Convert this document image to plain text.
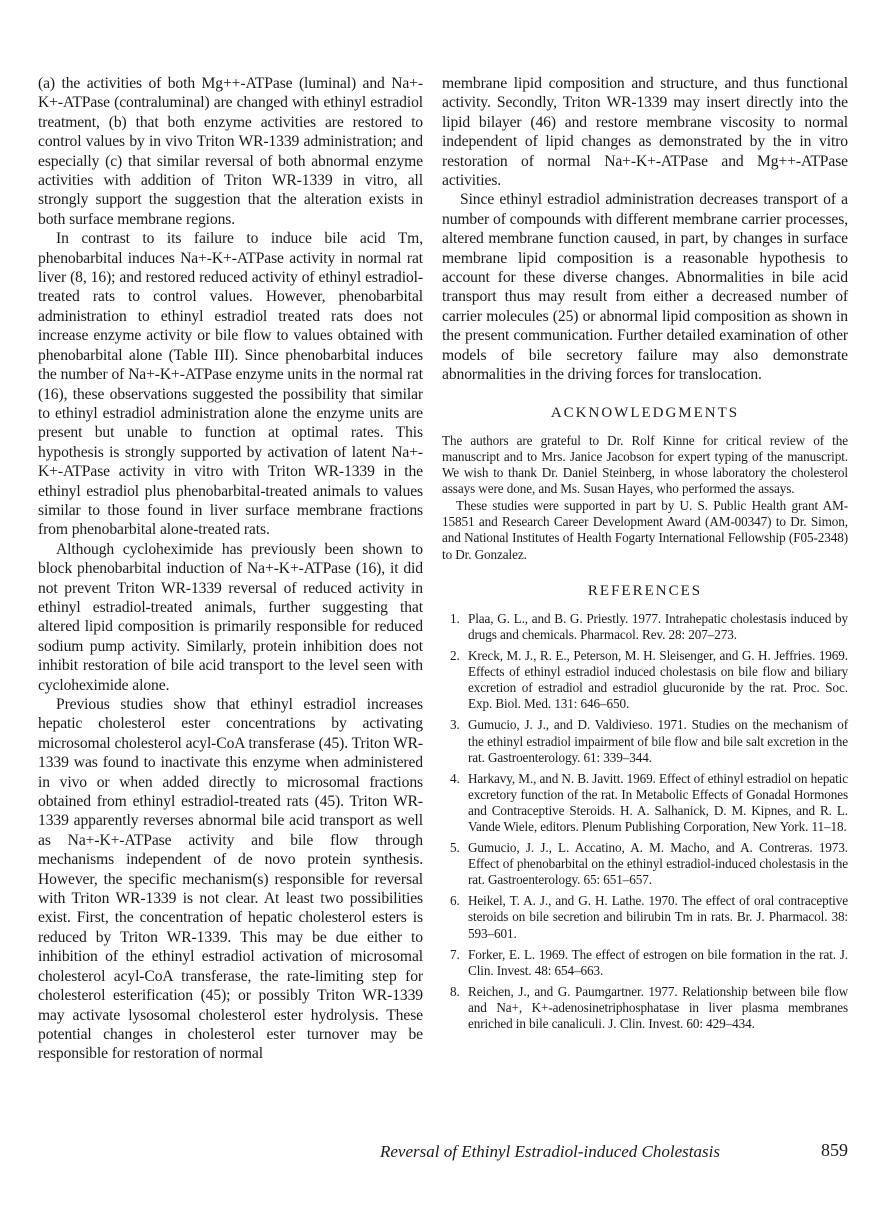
(a) the activities of both Mg++-ATPase (luminal) and Na+-K+-ATPase (contraluminal) are changed with ethinyl estradiol treatment, (b) that both enzyme activities are restored to control values by in vivo Triton WR-1339 administration; and especially (c) that similar reversal of both abnormal enzyme activities with addition of Triton WR-1339 in vitro, all strongly support the suggestion that the alteration exists in both surface membrane regions.

In contrast to its failure to induce bile acid Tm, phenobarbital induces Na+-K+-ATPase activity in normal rat liver (8, 16); and restored reduced activity of ethinyl estradiol-treated rats to control values. However, phenobarbital administration to ethinyl estradiol treated rats does not increase enzyme activity or bile flow to values obtained with phenobarbital alone (Table III). Since phenobarbital induces the number of Na+-K+-ATPase enzyme units in the normal rat (16), these observations suggested the possibility that similar to ethinyl estradiol administration alone the enzyme units are present but unable to function at optimal rates. This hypothesis is strongly supported by activation of latent Na+-K+-ATPase activity in vitro with Triton WR-1339 in the ethinyl estradiol plus phenobarbital-treated animals to values similar to those found in liver surface membrane fractions from phenobarbital alone-treated rats.

Although cycloheximide has previously been shown to block phenobarbital induction of Na+-K+-ATPase (16), it did not prevent Triton WR-1339 reversal of reduced activity in ethinyl estradiol-treated animals, further suggesting that altered lipid composition is primarily responsible for reduced sodium pump activity. Similarly, protein inhibition does not inhibit restoration of bile acid transport to the level seen with cycloheximide alone.

Previous studies show that ethinyl estradiol increases hepatic cholesterol ester concentrations by activating microsomal cholesterol acyl-CoA transferase (45). Triton WR-1339 was found to inactivate this enzyme when administered in vivo or when added directly to microsomal fractions obtained from ethinyl estradiol-treated rats (45). Triton WR-1339 apparently reverses abnormal bile acid transport as well as Na+-K+-ATPase activity and bile flow through mechanisms independent of de novo protein synthesis. However, the specific mechanism(s) responsible for reversal with Triton WR-1339 is not clear. At least two possibilities exist. First, the concentration of hepatic cholesterol esters is reduced by Triton WR-1339. This may be due either to inhibition of the ethinyl estradiol activation of microsomal cholesterol acyl-CoA transferase, the rate-limiting step for cholesterol esterification (45); or possibly Triton WR-1339 may activate lysosomal cholesterol ester hydrolysis. These potential changes in cholesterol ester turnover may be responsible for restoration of normal

membrane lipid composition and structure, and thus functional activity. Secondly, Triton WR-1339 may insert directly into the lipid bilayer (46) and restore membrane viscosity to normal independent of lipid changes as demonstrated by the in vitro restoration of normal Na+-K+-ATPase and Mg++-ATPase activities.

Since ethinyl estradiol administration decreases transport of a number of compounds with different membrane carrier processes, altered membrane function caused, in part, by changes in surface membrane lipid composition is a reasonable hypothesis to account for these diverse changes. Abnormalities in bile acid transport thus may result from either a decreased number of carrier molecules (25) or abnormal lipid composition as shown in the present communication. Further detailed examination of other models of bile secretory failure may also demonstrate abnormalities in the driving forces for translocation.

ACKNOWLEDGMENTS

The authors are grateful to Dr. Rolf Kinne for critical review of the manuscript and to Mrs. Janice Jacobson for expert typing of the manuscript. We wish to thank Dr. Daniel Steinberg, in whose laboratory the cholesterol assays were done, and Ms. Susan Hayes, who performed the assays.

These studies were supported in part by U. S. Public Health grant AM-15851 and Research Career Development Award (AM-00347) to Dr. Simon, and National Institutes of Health Fogarty International Fellowship (F05-2348) to Dr. Gonzalez.

REFERENCES
1. Plaa, G. L., and B. G. Priestly. 1977. Intrahepatic cholestasis induced by drugs and chemicals. Pharmacol. Rev. 28: 207–273.
2. Kreck, M. J., R. E., Peterson, M. H. Sleisenger, and G. H. Jeffries. 1969. Effects of ethinyl estradiol induced cholestasis on bile flow and biliary excretion of estradiol and estradiol glucuronide by the rat. Proc. Soc. Exp. Biol. Med. 131: 646–650.
3. Gumucio, J. J., and D. Valdivieso. 1971. Studies on the mechanism of the ethinyl estradiol impairment of bile flow and bile salt excretion in the rat. Gastroenterology. 61: 339–344.
4. Harkavy, M., and N. B. Javitt. 1969. Effect of ethinyl estradiol on hepatic excretory function of the rat. In Metabolic Effects of Gonadal Hormones and Contraceptive Steroids. H. A. Salhanick, D. M. Kipnes, and R. L. Vande Wiele, editors. Plenum Publishing Corporation, New York. 11–18.
5. Gumucio, J. J., L. Accatino, A. M. Macho, and A. Contreras. 1973. Effect of phenobarbital on the ethinyl estradiol-induced cholestasis in the rat. Gastroenterology. 65: 651–657.
6. Heikel, T. A. J., and G. H. Lathe. 1970. The effect of oral contraceptive steroids on bile secretion and bilirubin Tm in rats. Br. J. Pharmacol. 38: 593–601.
7. Forker, E. L. 1969. The effect of estrogen on bile formation in the rat. J. Clin. Invest. 48: 654–663.
8. Reichen, J., and G. Paumgartner. 1977. Relationship between bile flow and Na+, K+-adenosinetriphosphatase in liver plasma membranes enriched in bile canaliculi. J. Clin. Invest. 60: 429–434.
Reversal of Ethinyl Estradiol-induced Cholestasis	859
